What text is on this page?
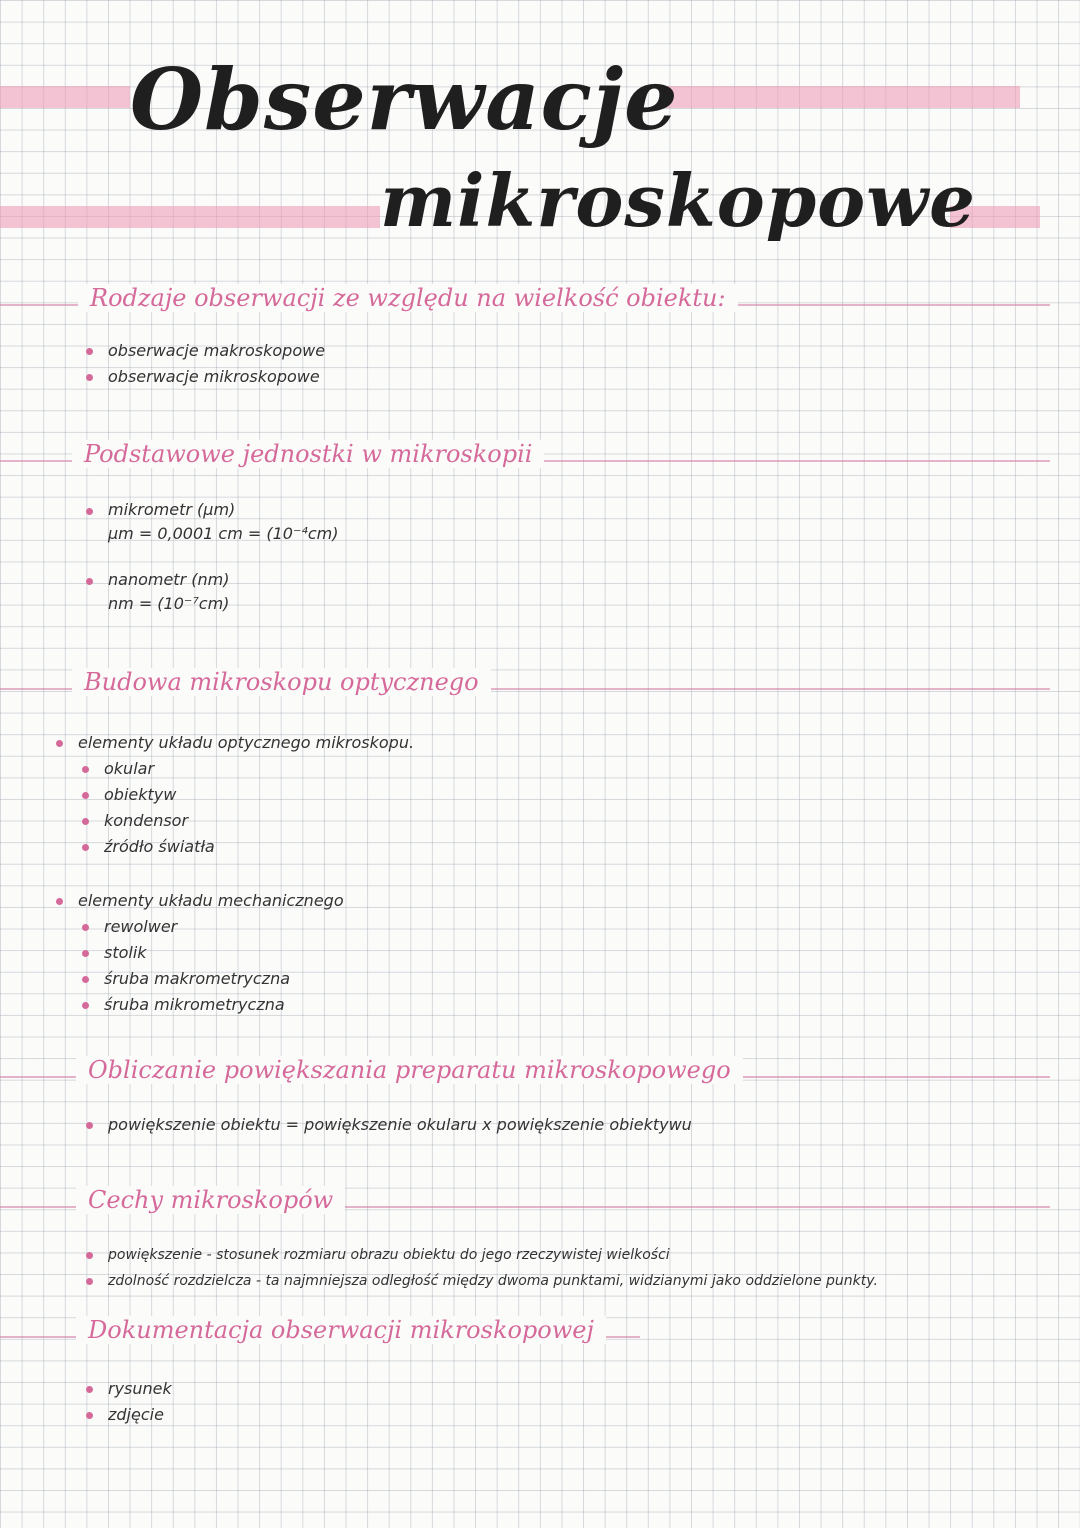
Obserwacje
mikroskopowe
Rodzaje obserwacji ze względu na wielkość obiektu:
obserwacje makroskopowe
obserwacje mikroskopowe
Podstawowe jednostki w mikroskopii
mikrometr (μm)
μm = 0,0001 cm = (10⁻⁴cm)
nanometr (nm)
nm = (10⁻⁷cm)
Budowa mikroskopu optycznego
elementy układu optycznego mikroskopu.
okular
obiektyw
kondensor
źródło światła
elementy układu mechanicznego
rewolwer
stolik
śruba makrometryczna
śruba mikrometryczna
Obliczanie powiększania preparatu mikroskopowego
powiększenie obiektu = powiększenie okularu x powiększenie obiektywu
Cechy mikroskopów
powiększenie - stosunek rozmiaru obrazu obiektu do jego rzeczywistej wielkości
zdolność rozdzielcza - ta najmniejsza odległość między dwoma punktami, widzianymi jako oddzielone punkty.
Dokumentacja obserwacji mikroskopowej
rysunek
zdjęcie
